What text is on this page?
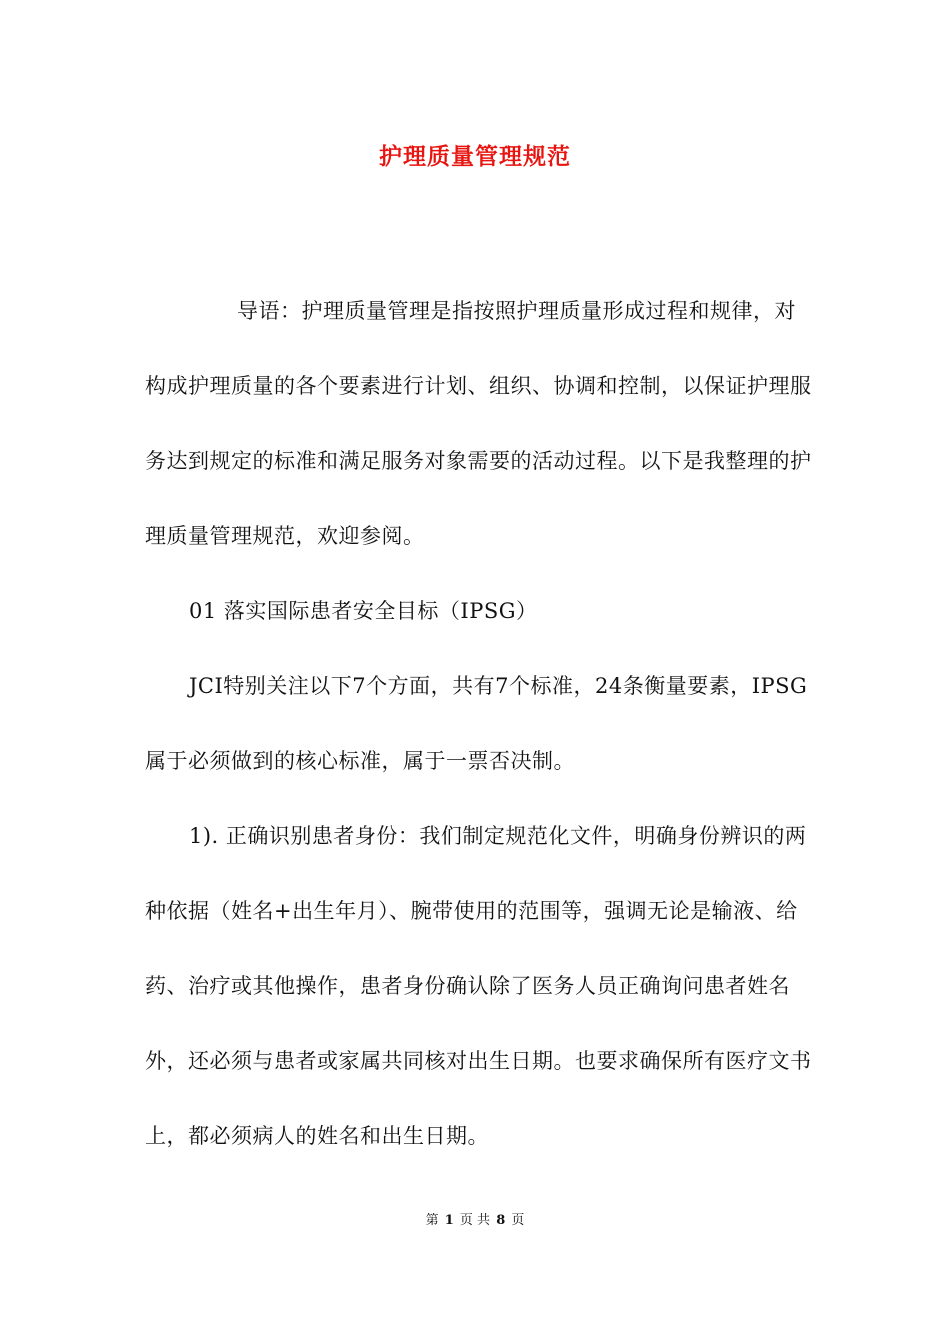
护理质量管理规范

导语：护理质量管理是指按照护理质量形成过程和规律，对构成护理质量的各个要素进行计划、组织、协调和控制，以保证护理服务达到规定的标准和满足服务对象需要的活动过程。以下是我整理的护理质量管理规范，欢迎参阅。

01 落实国际患者安全目标（IPSG）

JCI特别关注以下7个方面，共有7个标准，24条衡量要素，IPSG属于必须做到的核心标准，属于一票否决制。

1). 正确识别患者身份：我们制定规范化文件，明确身份辨识的两种依据（姓名+出生年月）、腕带使用的范围等，强调无论是输液、给药、治疗或其他操作，患者身份确认除了医务人员正确询问患者姓名外，还必须与患者或家属共同核对出生日期。也要求确保所有医疗文书上，都必须病人的姓名和出生日期。

第 1 页 共 8 页
